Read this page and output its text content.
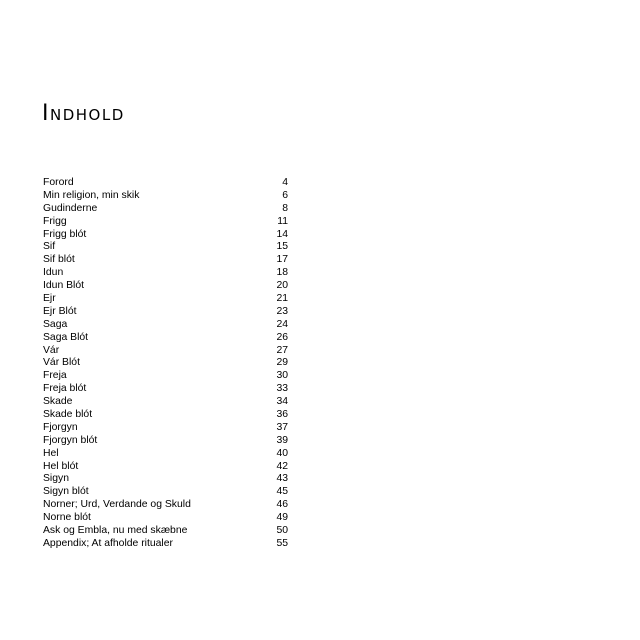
Indhold
Forord	4
Min religion, min skik	6
Gudinderne	8
Frigg	11
Frigg blót	14
Sif	15
Sif blót	17
Idun	18
Idun Blót	20
Ejr	21
Ejr Blót	23
Saga	24
Saga Blót	26
Vár	27
Vár Blót	29
Freja	30
Freja blót	33
Skade	34
Skade blót	36
Fjorgyn	37
Fjorgyn blót	39
Hel	40
Hel blót	42
Sigyn	43
Sigyn blót	45
Norner; Urd, Verdande og Skuld	46
Norne blót	49
Ask og Embla, nu med skæbne	50
Appendix; At afholde ritualer	55
